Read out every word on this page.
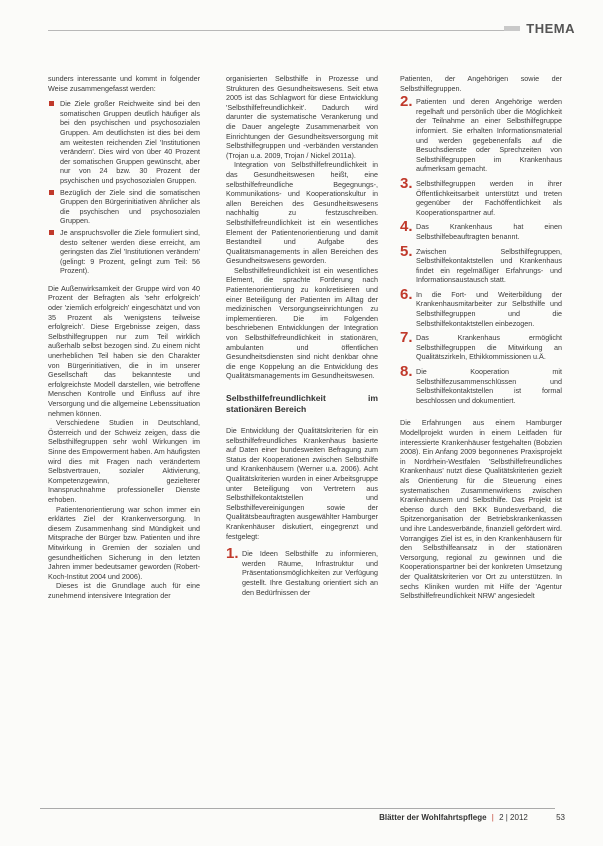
THEMA

sunders interessante und kommt in folgender Weise zusammengefasst werden:

Die Ziele großer Reichweite sind bei den somatischen Gruppen deutlich häufiger als bei den psychischen und psychosozialen Gruppen. Am deutlichsten ist dies bei dem am weitesten reichenden Ziel 'Institutionen verändern'. Dies wird von über 40 Prozent der somatischen Gruppen gewünscht, aber nur von 24 bzw. 30 Prozent der psychischen und psychosozialen Gruppen.
Bezüglich der Ziele sind die somatischen Gruppen den Bürgerinitiativen ähnlicher als die psychischen und psychosozialen Gruppen.
Je anspruchsvoller die Ziele formuliert sind, desto seltener werden diese erreicht, am geringsten das Ziel 'Institutionen verändern' (gelingt: 9 Prozent, gelingt zum Teil: 56 Prozent).

Die Außenwirksamkeit der Gruppe wird von 40 Prozent der Befragten als 'sehr erfolgreich' oder 'ziemlich erfolgreich' eingeschätzt und von 35 Prozent als 'wenigstens teilweise erfolgreich'. Diese Ergebnisse zeigen, dass Selbsthilfegruppen nur zum Teil wirklich außerhalb selbst bezogen sind. Zu einem nicht unerheblichen Teil haben sie den Charakter von Bürgerinitiativen, die in im unserer Gesellschaft das bekannteste und erfolgreichste Modell darstellen, wie betroffene Menschen Kontrolle und Einfluss auf ihre Versorgung und die allgemeine Lebenssituation nehmen können.

Verschiedene Studien in Deutschland, Österreich und der Schweiz zeigen, dass die Selbsthilfegruppen sehr wohl Wirkungen im Sinne des Empowerment haben. Am häufigsten wird dies mit Fragen nach verändertem Selbstvertrauen, sozialer Aktivierung, Kompetenzgewinn, gezielterer Inanspruchnahme professioneller Dienste erhoben.

Patientenorientierung war schon immer ein erklärtes Ziel der Krankenversorgung. In diesem Zusammenhang sind Mündigkeit und Mitsprache der Bürger bzw. Patienten und ihre Mitwirkung in Gremien der sozialen und gesundheitlichen Sicherung in den letzten Jahren immer bedeutsamer geworden (Robert-Koch-Institut 2004 und 2006).

Dieses ist die Grundlage auch für eine zunehmend intensivere Integration der

organisierten Selbsthilfe in Prozesse und Strukturen des Gesundheitswesens. Seit etwa 2005 ist das Schlagwort für diese Entwicklung 'Selbsthilfefreundlichkeit'. Dadurch wird darunter die systematische Verankerung und die Dauer angelegte Zusammenarbeit von Einrichtungen der Gesundheitsversorgung mit Selbsthilfegruppen und -verbänden verstanden (Trojan u.a. 2009, Trojan / Nickel 2011a).

Integration von Selbsthilfefreundlichkeit in das Gesundheitswesen heißt, eine selbsthilfefreundliche Begegnungs-, Kommunikations- und Kooperationskultur in allen Bereichen des Gesundheitswesens nachhaltig zu festzuschreiben. Selbsthilfefreundlichkeit ist ein wesentliches Element der Patientenorientierung und damit Bestandteil und Aufgabe des Qualitätsmanagements in allen Bereichen des Gesundheitswesens geworden.

Selbsthilfefreundlichkeit ist ein wesentliches Element, die sprachte Forderung nach Patientenorientierung zu konkretisieren und einer Beteiligung der Patienten im Alltag der medizinischen Versorgungseinrichtungen zu implementieren. Die im Folgenden beschriebenen Entwicklungen der Integration von Selbsthilfefreundlichkeit in stationären, ambulanten und öffentlichen Gesundheitsdiensten sind nicht denkbar ohne die enge Koppelung an die Entwicklung des Qualitätsmanagements im Gesundheitswesen.

Selbsthilfefreundlichkeit im stationären Bereich

Die Entwicklung der Qualitätskriterien für ein selbsthilfefreundliches Krankenhaus basierte auf Daten einer bundesweiten Befragung zum Status der Kooperationen zwischen Selbsthilfe und Krankenhäusern (Werner u.a. 2006). Acht Qualitätskriterien wurden in einer Arbeitsgruppe unter Beteiligung von Vertretern aus Selbsthilfekontaktstellen und Selbsthilfevereinigungen sowie der Qualitätsbeauftragten ausgewählter Hamburger Krankenhäuser diskutiert, eingegrenzt und festgelegt:

1. Die Ideen Selbsthilfe zu informieren, werden Räume, Infrastruktur und Präsentationsmöglichkeiten zur Verfügung gestellt. Ihre Gestaltung orientiert sich an den Bedürfnissen der

Patienten, der Angehörigen sowie der Selbsthilfegruppen.

2. Patienten und deren Angehörige werden regelhaft und persönlich über die Möglichkeit der Teilnahme an einer Selbsthilfegruppe informiert. Sie erhalten Informationsmaterial und werden gegebenenfalls auf die Besuchsdienste oder Sprechzeiten von Selbsthilfegruppen im Krankenhaus aufmerksam gemacht.
3. Selbsthilfegruppen werden in ihrer Öffentlichkeitsarbeit unterstützt und treten gegenüber der Fachöffentlichkeit als Kooperationspartner auf.
4. Das Krankenhaus hat einen Selbsthilfebeauftragten benannt.
5. Zwischen Selbsthilfegruppen, Selbsthilfekontaktstellen und Krankenhaus findet ein regelmäßiger Erfahrungs- und Informationsaustausch statt.
6. In die Fort- und Weiterbildung der Krankenhausmitarbeiter zur Selbsthilfe und Selbsthilfegruppen und die Selbsthilfekontaktstellen einbezogen.
7. Das Krankenhaus ermöglicht Selbsthilfegruppen die Mitwirkung an Qualitätszirkeln, Ethikkommissionen u.Ä.
8. Die Kooperation mit Selbsthilfezusammenschlüssen und Selbsthilfekontaktstellen ist formal beschlossen und dokumentiert.

Die Erfahrungen aus einem Hamburger Modellprojekt wurden in einem Leitfaden für interessierte Krankenhäuser festgehalten (Bobzien 2008). Ein Anfang 2009 begonnenes Praxisprojekt in Nordrhein-Westfalen 'Selbsthilfefreundliches Krankenhaus' nutzt diese Qualitätskriterien gezielt als Orientierung für die Steuerung eines systematischen Zusammenwirkens zwischen Krankenhäusern und Selbsthilfe. Das Projekt ist ebenso durch den BKK Bundesverband, die Spitzenorganisation der Betriebskrankenkassen und ihre Landesverbände, finanziell gefördert wird. Vorrangiges Ziel ist es, in den Krankenhäusern für den Selbsthilfeansatz in der stationären Versorgung, regional zu gewinnen und die Kooperationspartner bei der konkreten Umsetzung der Qualitätskriterien vor Ort zu unterstützen. In sechs Kliniken wurden mit Hilfe der 'Agentur Selbsthilfefreundlichkeit NRW' angesiedelt

Blätter der Wohlfahrtspflege | 2 | 2012	53
